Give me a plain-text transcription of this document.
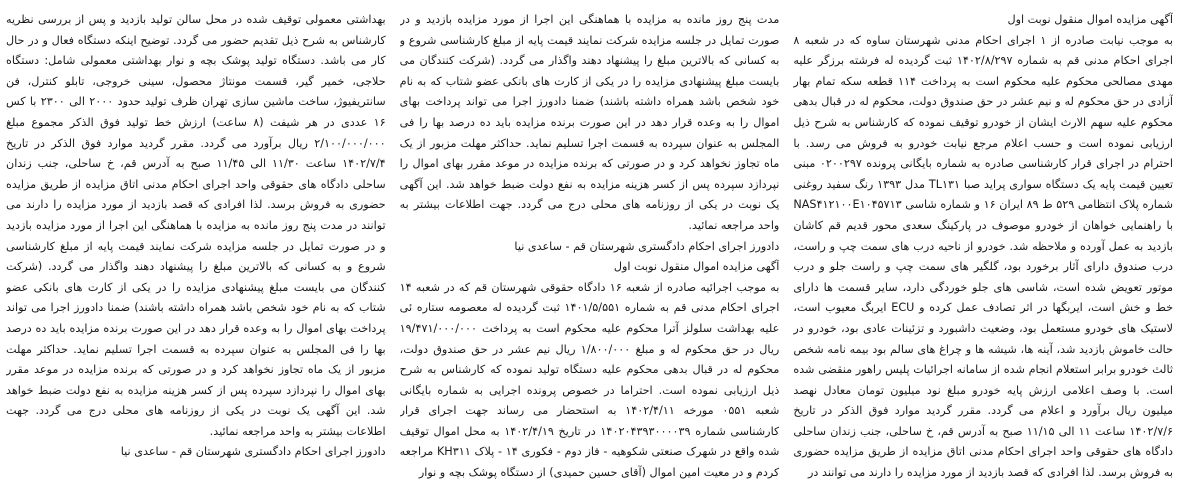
آگهی مزایده اموال منقول نوبت اول
به موجب نیابت صادره از ۱ اجرای احکام مدنی شهرستان ساوه که در شعبه ۸ اجرای احکام مدنی قم به شماره ۱۴۰۲/۸/۲۹۷ ثبت گردیده له فرشته برزگر علیه مهدی مصالحی محکوم علیه محکوم است به پرداخت ۱۱۴ قطعه سکه تمام بهار آزادی در حق محکوم له و نیم عشر در حق صندوق دولت، محکوم له در قبال بدهی محکوم علیه سهم الارث ایشان از خودرو توقیف نموده که کارشناس به شرح ذیل ارزیابی نموده است و حسب اعلام مرجع نیابت خودرو به فروش می رسد. با احترام در اجرای قرار کارشناسی صادره به شماره بایگانی پرونده ۰۲۰۰۲۹۷ مبنی تعیین قیمت پایه یک دستگاه سواری پراید صبا TL۱۳۱ مدل ۱۳۹۳ رنگ سفید روغنی شماره پلاک انتظامی ۵۲۹ ط ۸۹ ایران ۱۶ و شماره شاسی NAS۴۱۲۱۰۰E۱۰۴۵۷۱۳ با راهنمایی خواهان از خودرو موصوف در پارکینگ سعدی محور قدیم قم کاشان بازدید به عمل آورده و ملاحظه شد. خودرو از ناحیه درب های سمت چپ و راست، درب صندوق دارای آثار برخورد بود، گلگیر های سمت چپ و راست جلو و درب موتور تعویض شده است، شاسی های جلو خوردگی دارد، سایر قسمت ها دارای خط و خش است، ایربگها در اثر تصادف عمل کرده و ECU ایربگ معیوب است، لاستیک های خودرو مستعمل بود، وضعیت داشبورد و تزئینات عادی بود، خودرو در حالت خاموش بازدید شد، آینه ها، شیشه ها و چراغ های سالم بود بیمه نامه شخص ثالث خودرو برابر استعلام انجام شده از سامانه اجرائیات پلیس راهور منقضی شده است. با وصف اعلامی ارزش پایه خودرو مبلغ نود میلیون تومان معادل نهصد میلیون ریال برآورد و اعلام می گردد. مقرر گردید موارد فوق الذکر در تاریخ ۱۴۰۲/۷/۶ ساعت ۱۱ الی ۱۱/۱۵ صبح به آدرس قم، خ ساحلی، جنب زندان ساحلی دادگاه های حقوقی واحد اجرای احکام مدنی اتاق مزایده از طریق مزایده حضوری به فروش برسد. لذا افرادی که قصد بازدید از مورد مزایده را دارند می توانند در
مدت پنج روز مانده به مزایده با هماهنگی این اجرا از مورد مزایده بازدید و در صورت تمایل در جلسه مزایده شرکت نمایند قیمت پایه از مبلغ کارشناسی شروع و به کسانی که بالاترین مبلغ را پیشنهاد دهند واگذار می گردد. (شرکت کنندگان می بایست مبلغ پیشنهادی مزایده را در یکی از کارت های بانکی عضو شتاب که به نام خود شخص باشد همراه داشته باشند) ضمنا دادورز اجرا می تواند پرداخت بهای اموال را به وعده قرار دهد در این صورت برنده مزایده باید ده درصد بها را فی المجلس به عنوان سپرده به قسمت اجرا تسلیم نماید. حداکثر مهلت مزبور از یک ماه تجاوز نخواهد کرد و در صورتی که برنده مزایده در موعد مقرر بهای اموال را نپردازد سپرده پس از کسر هزینه مزایده به نفع دولت ضبط خواهد شد. این آگهی یک نوبت در یکی از روزنامه های محلی درج می گردد. جهت اطلاعات بیشتر به واحد مراجعه نمائید.
دادورز اجرای احکام دادگستری شهرستان قم - ساعدی نیا
آگهی مزایده اموال منقول نوبت اول
به موجب اجرائیه صادره از شعبه ۱۶ دادگاه حقوقی شهرستان قم که در شعبه ۱۴ اجرای احکام مدنی قم به شماره ۱۴۰۱/۵/۵۵۱ ثبت گردیده له معصومه ستاره ئی علیه بهداشت سلولز آترا محکوم علیه محکوم است به پرداخت ۱۹/۴۷۱/۰۰۰/۰۰۰ ریال در حق محکوم له و مبلغ ۱/۸۰۰/۰۰۰ ریال نیم عشر در حق صندوق دولت، محکوم له در قبال بدهی محکوم علیه دستگاه تولید نموده که کارشناس به شرح ذیل ارزیابی نموده است. احتراما در خصوص پرونده اجرایی به شماره بایگانی شعبه ۰۵۵۱ مورخه ۱۴۰۲/۴/۱۱ به استحضار می رساند جهت اجرای قرار کارشناسی شماره ۱۴۰۲۰۴۳۹۳۰۰۰۰۳۹ در تاریخ ۱۴۰۲/۴/۱۹ به محل اموال توقیف شده واقع در شهرک صنعتی شکوهیه - فاز دوم - فکوری ۱۴ - پلاک KH۳۱۱ مراجعه کردم و در معیت امین اموال (آقای حسین حمیدی) از دستگاه پوشک بچه و نوار
بهداشتی معمولی توقیف شده در محل سالن تولید بازدید و پس از بررسی نظریه کارشناس به شرح ذیل تقدیم حضور می گردد. توضیح اینکه دستگاه فعال و در حال کار می باشد. دستگاه تولید پوشک بچه و نوار بهداشتی معمولی شامل: دستگاه حلاجی، خمیر گیر، قسمت مونتاژ محصول، سینی خروجی، تابلو کنترل، فن سانتریفیوژ، ساخت ماشین سازی تهران ظرف تولید حدود ۲۰۰۰ الی ۲۳۰۰ با کس ۱۶ عددی در هر شیفت (۸ ساعت) ارزش خط تولید فوق الذکر مجموع مبلغ ۲/۱۰۰/۰۰۰/۰۰۰ ریال برآورد می گردد. مقرر گردید موارد فوق الذکر در تاریخ ۱۴۰۲/۷/۴ ساعت ۱۱/۳۰ الی ۱۱/۴۵ صبح به آدرس قم، خ ساحلی، جنب زندان ساحلی دادگاه های حقوقی واحد اجرای احکام مدنی اتاق مزایده از طریق مزایده حضوری به فروش برسد. لذا افرادی که قصد بازدید از مورد مزایده را دارند می توانند در مدت پنج روز مانده به مزایده با هماهنگی این اجرا از مورد مزایده بازدید و در صورت تمایل در جلسه مزایده شرکت نمایند قیمت پایه از مبلغ کارشناسی شروع و به کسانی که بالاترین مبلغ را پیشنهاد دهند واگذار می گردد. (شرکت کنندگان می بایست مبلغ پیشنهادی مزایده را در یکی از کارت های بانکی عضو شتاب که به نام خود شخص باشد همراه داشته باشند) ضمنا دادورز اجرا می تواند پرداخت بهای اموال را به وعده قرار دهد در این صورت برنده مزایده باید ده درصد بها را فی المجلس به عنوان سپرده به قسمت اجرا تسلیم نماید. حداکثر مهلت مزبور از یک ماه تجاوز نخواهد کرد و در صورتی که برنده مزایده در موعد مقرر بهای اموال را نپردازد سپرده پس از کسر هزینه مزایده به نفع دولت ضبط خواهد شد. این آگهی یک نوبت در یکی از روزنامه های محلی درج می گردد. جهت اطلاعات بیشتر به واحد مراجعه نمائید.
دادورز اجرای احکام دادگستری شهرستان قم - ساعدی نیا
